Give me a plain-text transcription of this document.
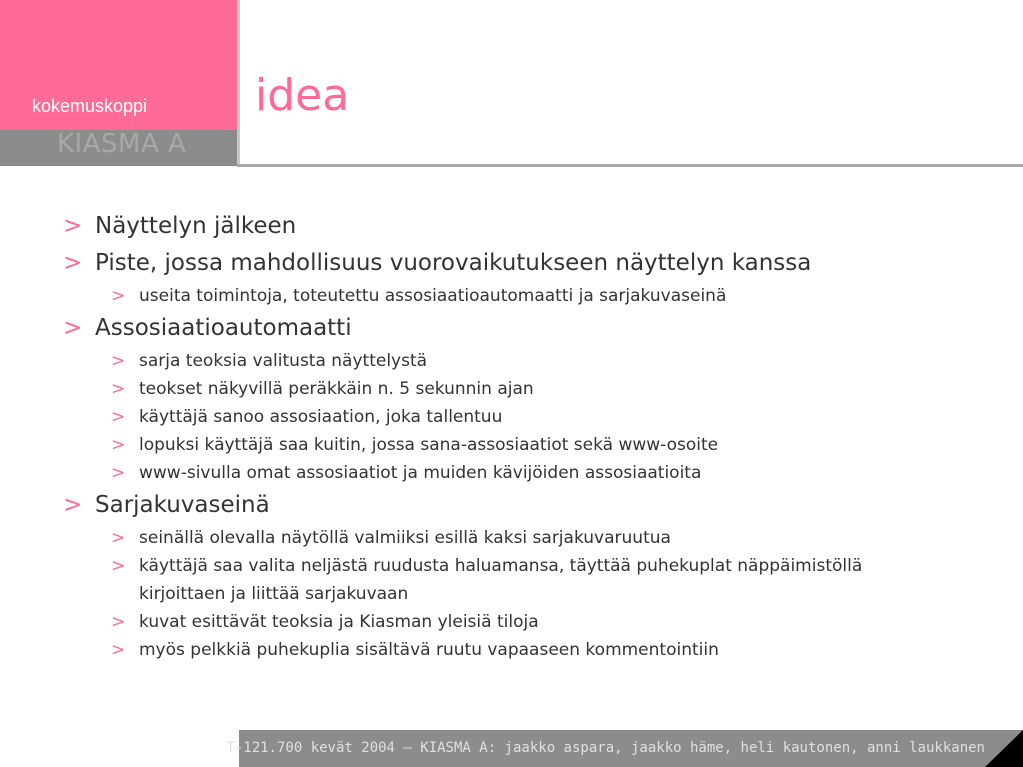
kokemuskoppi
KIASMA A
idea
> Näyttelyn jälkeen
> Piste, jossa mahdollisuus vuorovaikutukseen näyttelyn kanssa
> useita toimintoja, toteutettu assosiaatioautomaatti ja sarjakuvaseinä
> Assosiaatioautomaatti
> sarja teoksia valitusta näyttelystä
> teokset näkyvillä peräkkäin n. 5 sekunnin ajan
> käyttäjä sanoo assosiaation, joka tallentuu
> lopuksi käyttäjä saa kuitin, jossa sana-assosiaatiot sekä www-osoite
> www-sivulla omat assosiaatiot ja muiden kävijöiden assosiaatioita
> Sarjakuvaseinä
> seinällä olevalla näytöllä valmiiksi esillä kaksi sarjakuvaruutua
> käyttäjä saa valita neljästä ruudusta haluamansa, täyttää puhekuplat näppäimistöllä
kirjoittaen ja liittää sarjakuvaan
> kuvat esittävät teoksia ja Kiasman yleisiä tiloja
> myös pelkkiä puhekuplia sisältävä ruutu vapaaseen kommentointiin
T-121.700 kevät 2004 — KIASMA A: jaakko aspara, jaakko häme, heli kautonen, anni laukkanen
